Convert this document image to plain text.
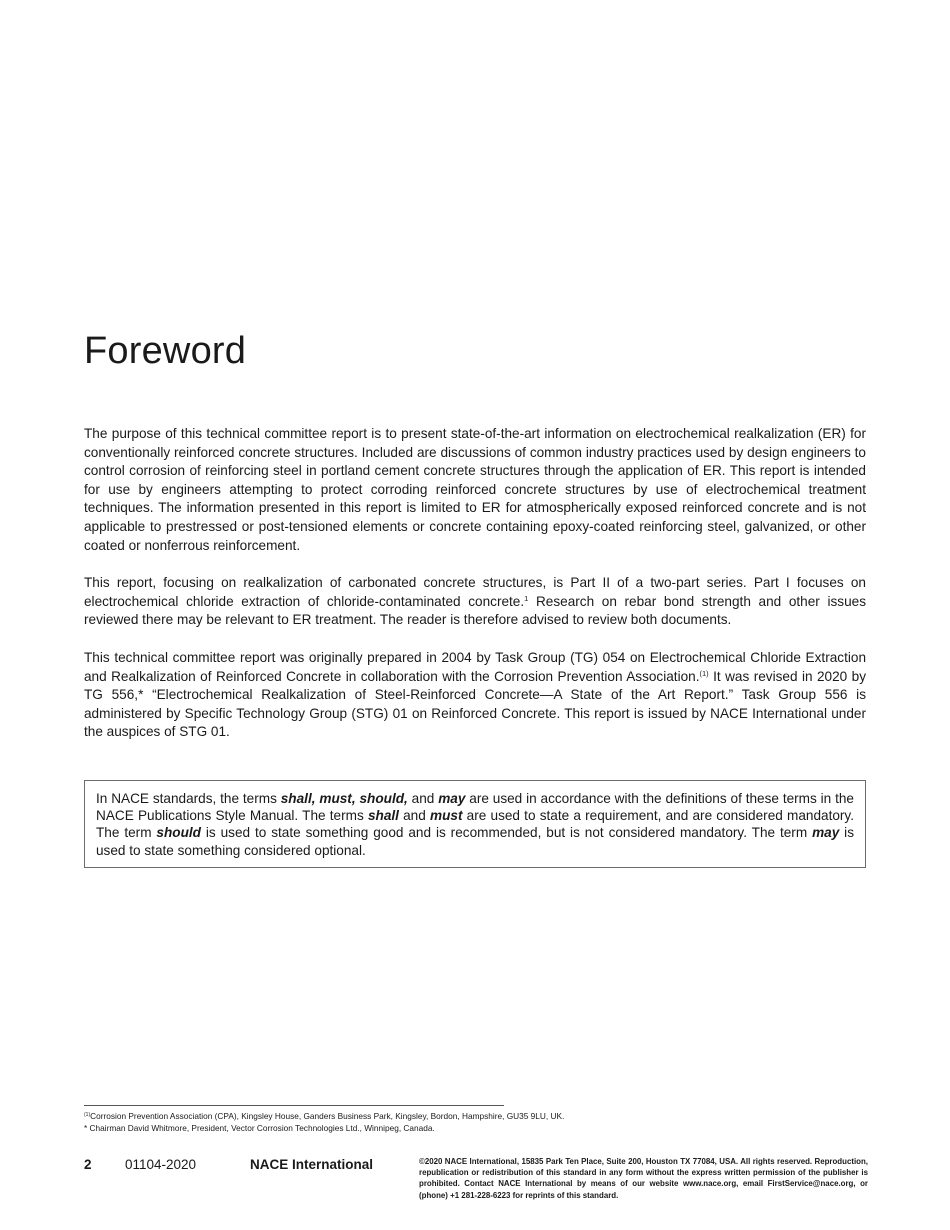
Foreword

The purpose of this technical committee report is to present state-of-the-art information on electrochemical realkalization (ER) for conventionally reinforced concrete structures. Included are discussions of common industry practices used by design engineers to control corrosion of reinforcing steel in portland cement concrete structures through the application of ER. This report is intended for use by engineers attempting to protect corroding reinforced concrete structures by use of electrochemical treatment techniques. The information presented in this report is limited to ER for atmospherically exposed reinforced concrete and is not applicable to prestressed or post-tensioned elements or concrete containing epoxy-coated reinforcing steel, galvanized, or other coated or nonferrous reinforcement.

This report, focusing on realkalization of carbonated concrete structures, is Part II of a two-part series. Part I focuses on electrochemical chloride extraction of chloride-contaminated concrete.$^1$ Research on rebar bond strength and other issues reviewed there may be relevant to ER treatment. The reader is therefore advised to review both documents.

This technical committee report was originally prepared in 2004 by Task Group (TG) 054 on Electrochemical Chloride Extraction and Realkalization of Reinforced Concrete in collaboration with the Corrosion Prevention Association.$^{(1)}$ It was revised in 2020 by TG 556,* “Electrochemical Realkalization of Steel-Reinforced Concrete—A State of the Art Report.” Task Group 556 is administered by Specific Technology Group (STG) 01 on Reinforced Concrete. This report is issued by NACE International under the auspices of STG 01.

In NACE standards, the terms shall, must, should, and may are used in accordance with the definitions of these terms in the NACE Publications Style Manual. The terms shall and must are used to state a requirement, and are considered mandatory. The term should is used to state something good and is recommended, but is not considered mandatory. The term may is used to state something considered optional.
$^{(1)}$Corrosion Prevention Association (CPA), Kingsley House, Ganders Business Park, Kingsley, Bordon, Hampshire, GU35 9LU, UK.
* Chairman David Whitmore, President, Vector Corrosion Technologies Ltd., Winnipeg, Canada.
2 01104-2020	NACE International	©2020 NACE International, 15835 Park Ten Place, Suite 200, Houston TX 77084, USA. All rights reserved. Reproduction, republication or redistribution of this standard in any form without the express written permission of the publisher is prohibited. Contact NACE International by means of our website www.nace.org, email FirstService@nace.org, or (phone) +1 281-228-6223 for reprints of this standard.
